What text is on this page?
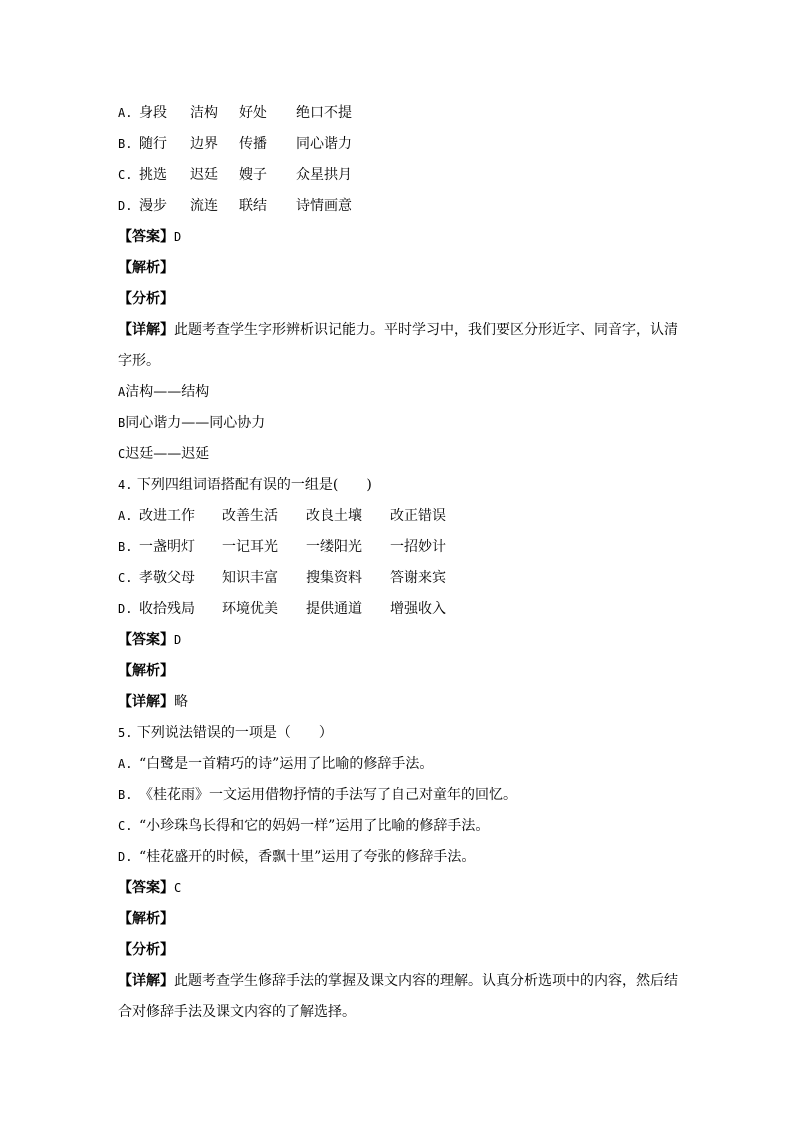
A. 身段 洁构 好处 绝口不提
B. 随行 边界 传播 同心谐力
C. 挑选 迟廷 嫂子 众星拱月
D. 漫步 流连 联结 诗情画意
【答案】D
【解析】
【分析】
【详解】此题考查学生字形辨析识记能力。平时学习中，我们要区分形近字、同音字，认清字形。
A洁构——结构
B同心谐力——同心协力
C迟廷——迟延
4. 下列四组词语搭配有误的一组是(　　)
A. 改进工作 改善生活 改良土壤 改正错误
B. 一盏明灯 一记耳光 一缕阳光 一招妙计
C. 孝敬父母 知识丰富 搜集资料 答谢来宾
D. 收拾残局 环境优美 提供通道 增强收入
【答案】D
【解析】
【详解】略
5. 下列说法错误的一项是（　　）
A. “白鹭是一首精巧的诗”运用了比喻的修辞手法。
B. 《桂花雨》一文运用借物抒情的手法写了自己对童年的回忆。
C. “小珍珠鸟长得和它的妈妈一样”运用了比喻的修辞手法。
D. “桂花盛开的时候，香飘十里”运用了夸张的修辞手法。
【答案】C
【解析】
【分析】
【详解】此题考查学生修辞手法的掌握及课文内容的理解。认真分析选项中的内容，然后结合对修辞手法及课文内容的了解选择。
